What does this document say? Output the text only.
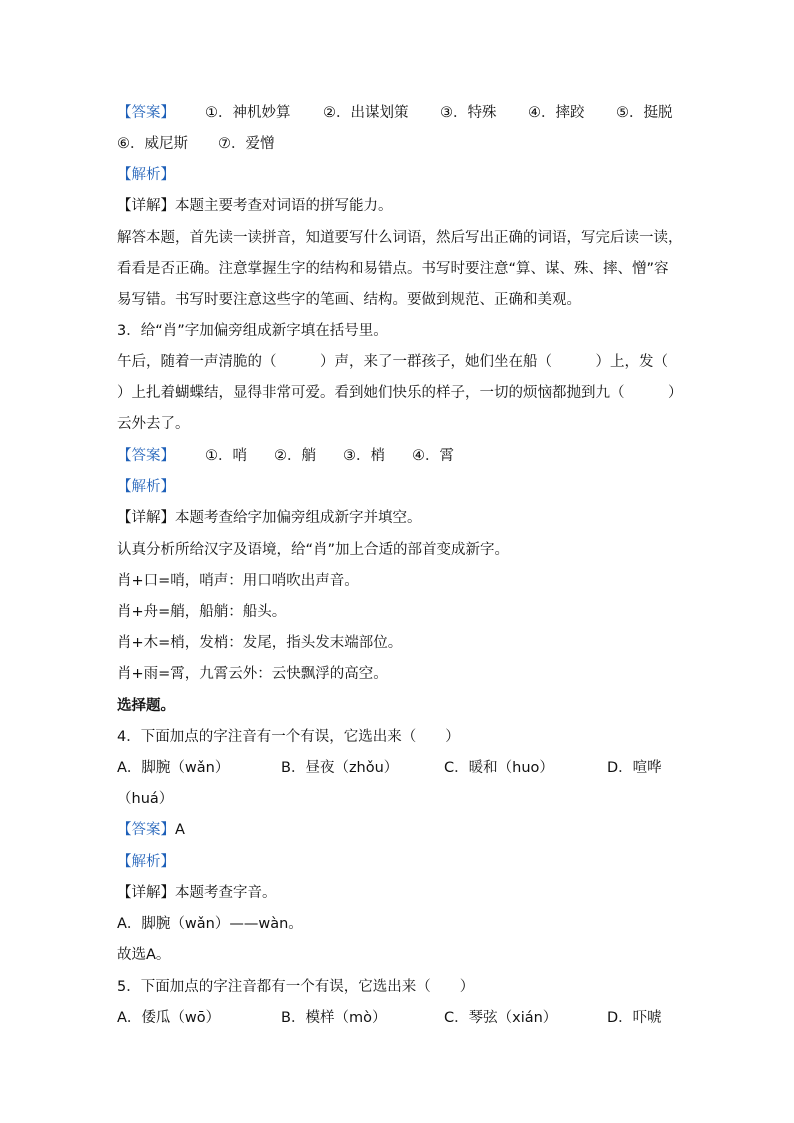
【答案】 ①．神机妙算 ②．出谋划策 ③．特殊 ④．摔跤 ⑤．挺脱
⑥．威尼斯 ⑦．爱憎
【解析】
【详解】本题主要考查对词语的拼写能力。
解答本题，首先读一读拼音，知道要写什么词语，然后写出正确的词语，写完后读一读，
看看是否正确。注意掌握生字的结构和易错点。书写时要注意“算、谋、殊、摔、憎”容
易写错。书写时要注意这些字的笔画、结构。要做到规范、正确和美观。
3．给“肖”字加偏旁组成新字填在括号里。
午后，随着一声清脆的（　　　）声，来了一群孩子，她们坐在船（　　　）上，发（
）上扎着蝴蝶结，显得非常可爱。看到她们快乐的样子，一切的烦恼都抛到九（　　　）
云外去了。
【答案】 ①．哨 ②．艄 ③．梢 ④．霄
【解析】
【详解】本题考查给字加偏旁组成新字并填空。
认真分析所给汉字及语境，给“肖”加上合适的部首变成新字。
肖+口=哨，哨声：用口哨吹出声音。
肖+舟=艄，船艄：船头。
肖+木=梢，发梢：发尾，指头发末端部位。
肖+雨=霄，九霄云外：云快飘浮的高空。
选择题。
4．下面加点的字注音有一个有误，它选出来（　　）
A．脚腕（wǎn）	B．昼夜（zhǒu）	C．暖和（huo）	D．喧哗
（huá）
【答案】A
【解析】
【详解】本题考查字音。
A．脚腕（wǎn）——wàn。
故选A。
5．下面加点的字注音都有一个有误，它选出来（　　）
A．倭瓜（wō）	B．模样（mò）	C．琴弦（xián）	D．吓唬
